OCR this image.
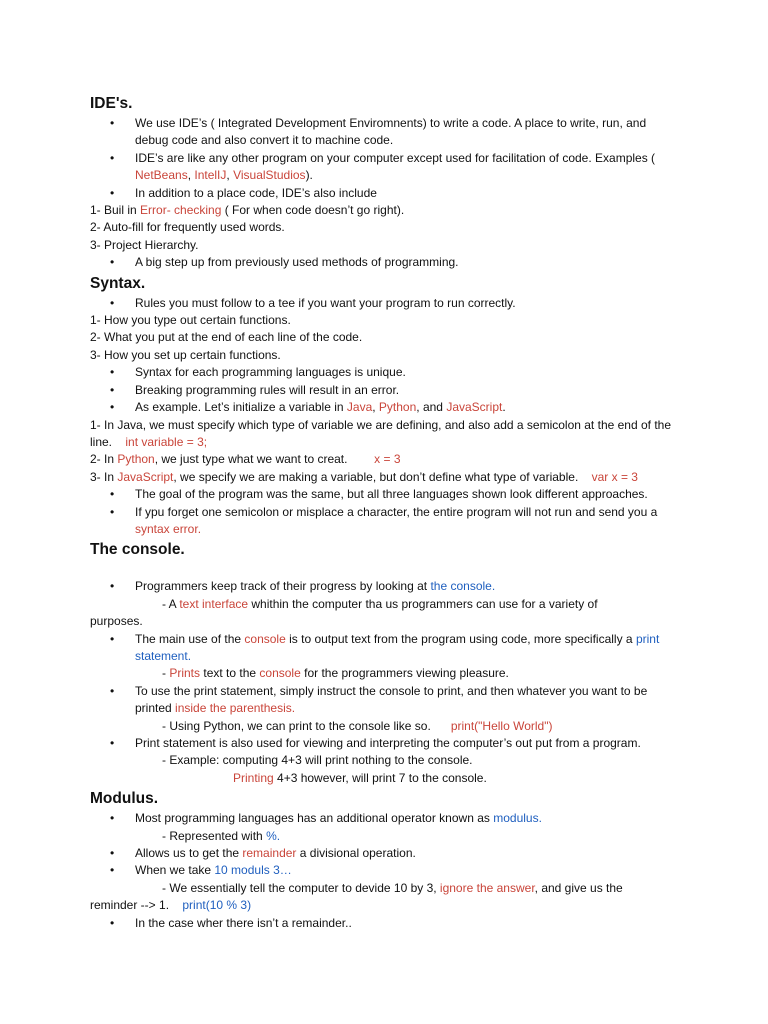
IDE's.
• We use IDE’s ( Integrated Development Enviromnents) to write a code. A place to write, run, and debug code and also convert it to machine code.
• IDE’s are like any other program on your computer except used for facilitation of code. Examples ( NetBeans, IntelIJ, VisualStudios).
• In addition to a place code, IDE’s also include
1- Buil in Error- checking ( For when code doesn’t go right).
2- Auto-fill for frequently used words.
3- Project Hierarchy.
• A big step up from previously used methods of programming.
Syntax.
• Rules you must follow to a tee if you want your program to run correctly.
1- How you type out certain functions.
2- What you put at the end of each line of the code.
3- How you set up certain functions.
• Syntax for each programming languages is unique.
• Breaking programming rules will result in an error.
• As example. Let’s initialize a variable in Java, Python, and JavaScript.
1- In Java, we must specify which type of variable we are defining, and also add a semicolon at the end of the line. int variable = 3;
2- In Python, we just type what we want to creat. x = 3
3- In JavaScript, we specify we are making a variable, but don’t define what type of variable. var x = 3
• The goal of the program was the same, but all three languages shown look different approaches.
• If ypu forget one semicolon or misplace a character, the entire program will not run and send you a syntax error.
The console.
• Programmers keep track of their progress by looking at the console.
- A text interface whithin the computer tha us programmers can use for a variety of
purposes.
• The main use of the console is to output text from the program using code, more specifically a print statement.
- Prints text to the console for the programmers viewing pleasure.
• To use the print statement, simply instruct the console to print, and then whatever you want to be printed inside the parenthesis.
- Using Python, we can print to the console like so. print("Hello World")
• Print statement is also used for viewing and interpreting the computer’s out put from a program.
- Example: computing 4+3 will print nothing to the console.
Printing 4+3 however, will print 7 to the console.
Modulus.
• Most programming languages has an additional operator known as modulus.
- Represented with %.
• Allows us to get the remainder a divisional operation.
• When we take 10 moduls 3…
- We essentially tell the computer to devide 10 by 3, ignore the answer, and give us the
reminder --> 1. print(10 % 3)
• In the case wher there isn’t a remainder..
